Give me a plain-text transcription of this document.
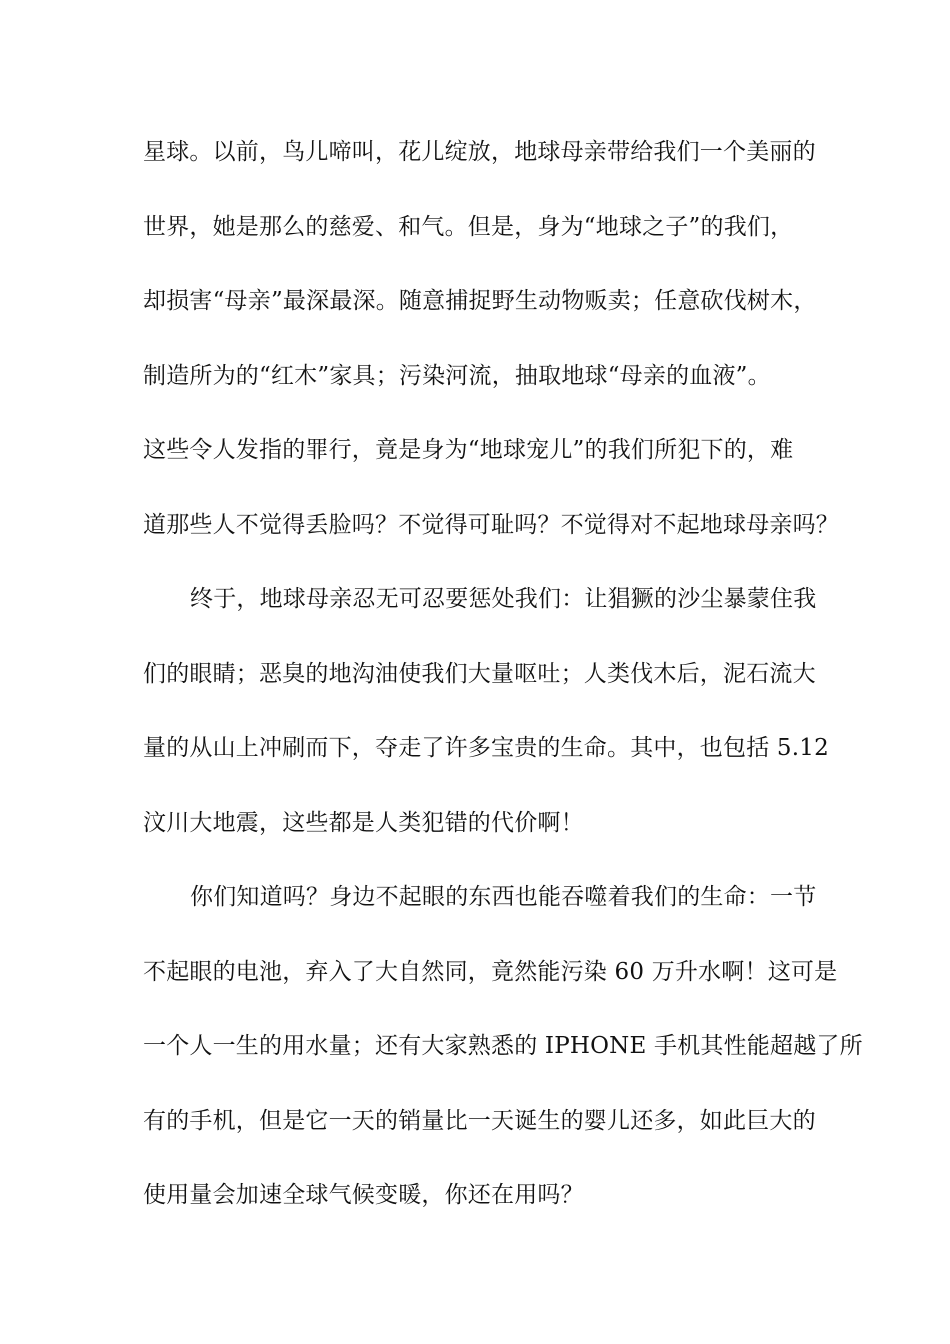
星球。以前，鸟儿啼叫，花儿绽放，地球母亲带给我们一个美丽的
世界，她是那么的慈爱、和气。但是，身为“地球之子”的我们，
却损害“母亲”最深最深。随意捕捉野生动物贩卖；任意砍伐树木，
制造所为的“红木”家具；污染河流，抽取地球“母亲的血液”。
这些令人发指的罪行，竟是身为“地球宠儿”的我们所犯下的，难
道那些人不觉得丢脸吗？不觉得可耻吗？不觉得对不起地球母亲吗？
终于，地球母亲忍无可忍要惩处我们：让猖獗的沙尘暴蒙住我
们的眼睛；恶臭的地沟油使我们大量呕吐；人类伐木后，泥石流大
量的从山上冲刷而下，夺走了许多宝贵的生命。其中，也包括 5.12
汶川大地震，这些都是人类犯错的代价啊！
你们知道吗？身边不起眼的东西也能吞噬着我们的生命：一节
不起眼的电池，弃入了大自然同，竟然能污染 60 万升水啊！这可是
一个人一生的用水量；还有大家熟悉的 IPHONE 手机其性能超越了所
有的手机，但是它一天的销量比一天诞生的婴儿还多，如此巨大的
使用量会加速全球气候变暖，你还在用吗？
